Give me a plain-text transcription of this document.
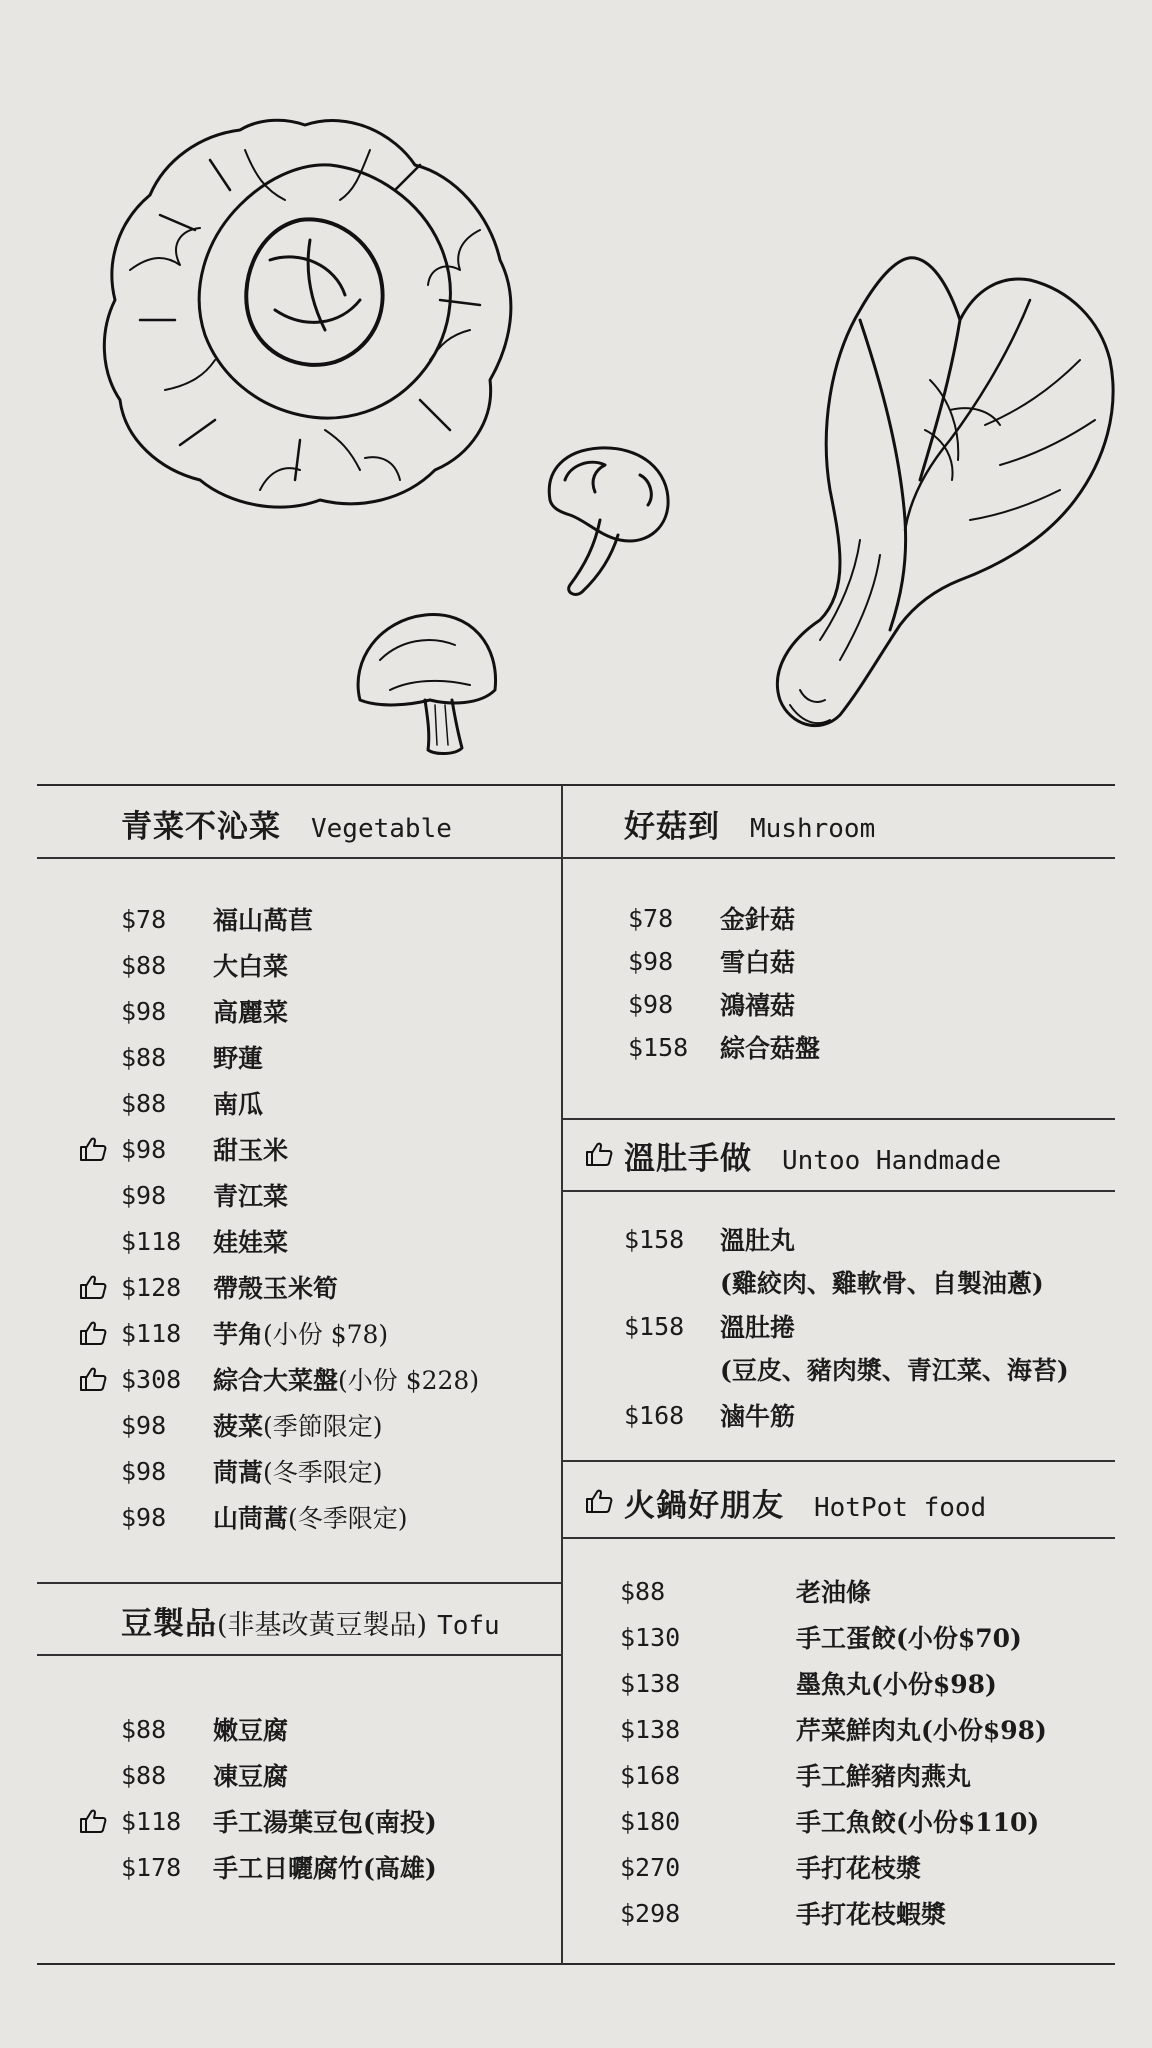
青菜不沁菜 Vegetable
$78	福山萵苣
$88	大白菜
$98	高麗菜
$88	野蓮
$88	南瓜
$98	甜玉米
$98	青江菜
$118	娃娃菜
$128	帶殼玉米筍
$118	芋角 (小份 $78)
$308	綜合大菜盤 (小份 $228)
$98	菠菜 (季節限定)
$98	茼蒿 (冬季限定)
$98	山茼蒿 (冬季限定)
豆製品 (非基改黃豆製品) Tofu
$88	嫩豆腐
$88	凍豆腐
$118	手工湯葉豆包(南投)
$178	手工日曬腐竹(高雄)
好菇到 Mushroom
$78	金針菇
$98	雪白菇
$98	鴻禧菇
$158	綜合菇盤
溫肚手做 Untoo Handmade
$158	溫肚丸
(雞絞肉、雞軟骨、自製油蔥)
$158	溫肚捲
(豆皮、豬肉漿、青江菜、海苔)
$168	滷牛筋
火鍋好朋友 HotPot food
$88	老油條
$130	手工蛋餃(小份$70)
$138	墨魚丸(小份$98)
$138	芹菜鮮肉丸(小份$98)
$168	手工鮮豬肉燕丸
$180	手工魚餃(小份$110)
$270	手打花枝漿
$298	手打花枝蝦漿
